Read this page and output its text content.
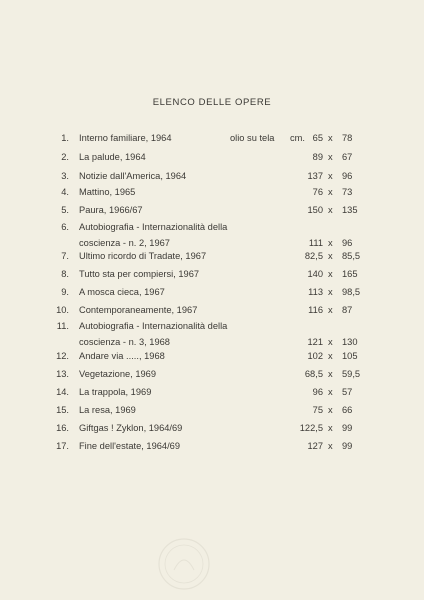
ELENCO DELLE OPERE
1. Interno familiare, 1964	olio su tela cm. 65 x 78
2. La palude, 1964	89 x 67
3. Notizie dall'America, 1964	137 x 96
4. Mattino, 1965	76 x 73
5. Paura, 1966/67	150 x 135
6. Autobiografia - Internazionalità della
coscienza - n. 2, 1967	111 x 96
7. Ultimo ricordo di Tradate, 1967	82,5 x 85,5
8. Tutto sta per compiersi, 1967	140 x 165
9. A mosca cieca, 1967	113 x 98,5
10. Contemporaneamente, 1967	116 x 87
11. Autobiografia - Internazionalità della
coscienza - n. 3, 1968	121 x 130
12. Andare via ....., 1968	102 x 105
13. Vegetazione, 1969	68,5 x 59,5
14. La trappola, 1969	96 x 57
15. La resa, 1969	75 x 66
16. Giftgas ! Zyklon, 1964/69	122,5 x 99
17. Fine dell'estate, 1964/69	127 x 99
